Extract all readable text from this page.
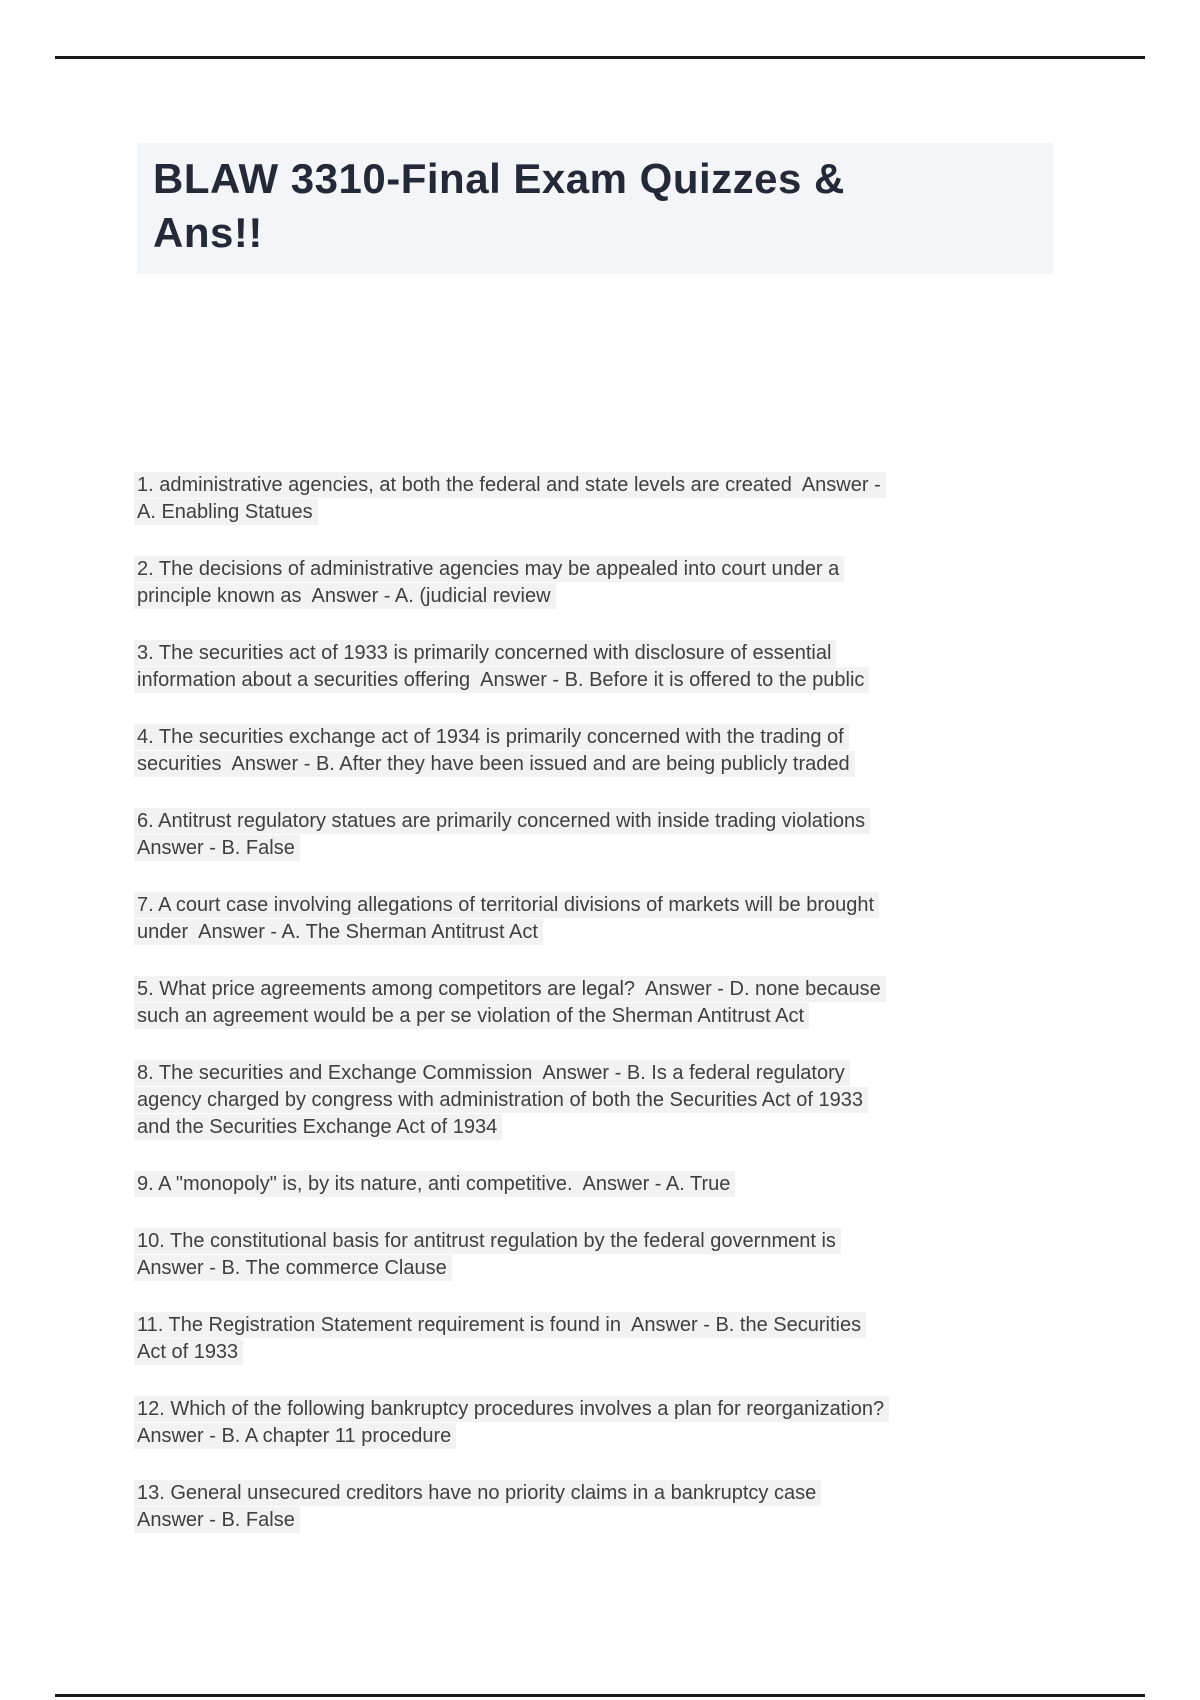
BLAW 3310-Final Exam Quizzes &
Ans!!
1. administrative agencies, at both the federal and state levels are created  Answer -
A. Enabling Statues
2. The decisions of administrative agencies may be appealed into court under a
principle known as  Answer - A. (judicial review
3. The securities act of 1933 is primarily concerned with disclosure of essential
information about a securities offering  Answer - B. Before it is offered to the public
4. The securities exchange act of 1934 is primarily concerned with the trading of
securities  Answer - B. After they have been issued and are being publicly traded
6. Antitrust regulatory statues are primarily concerned with inside trading violations
Answer - B. False
7. A court case involving allegations of territorial divisions of markets will be brought
under  Answer - A. The Sherman Antitrust Act
5. What price agreements among competitors are legal?  Answer - D. none because
such an agreement would be a per se violation of the Sherman Antitrust Act
8. The securities and Exchange Commission  Answer - B. Is a federal regulatory
agency charged by congress with administration of both the Securities Act of 1933
and the Securities Exchange Act of 1934
9. A "monopoly" is, by its nature, anti competitive.  Answer - A. True
10. The constitutional basis for antitrust regulation by the federal government is
Answer - B. The commerce Clause
11. The Registration Statement requirement is found in  Answer - B. the Securities
Act of 1933
12. Which of the following bankruptcy procedures involves a plan for reorganization?
Answer - B. A chapter 11 procedure
13. General unsecured creditors have no priority claims in a bankruptcy case
Answer - B. False
